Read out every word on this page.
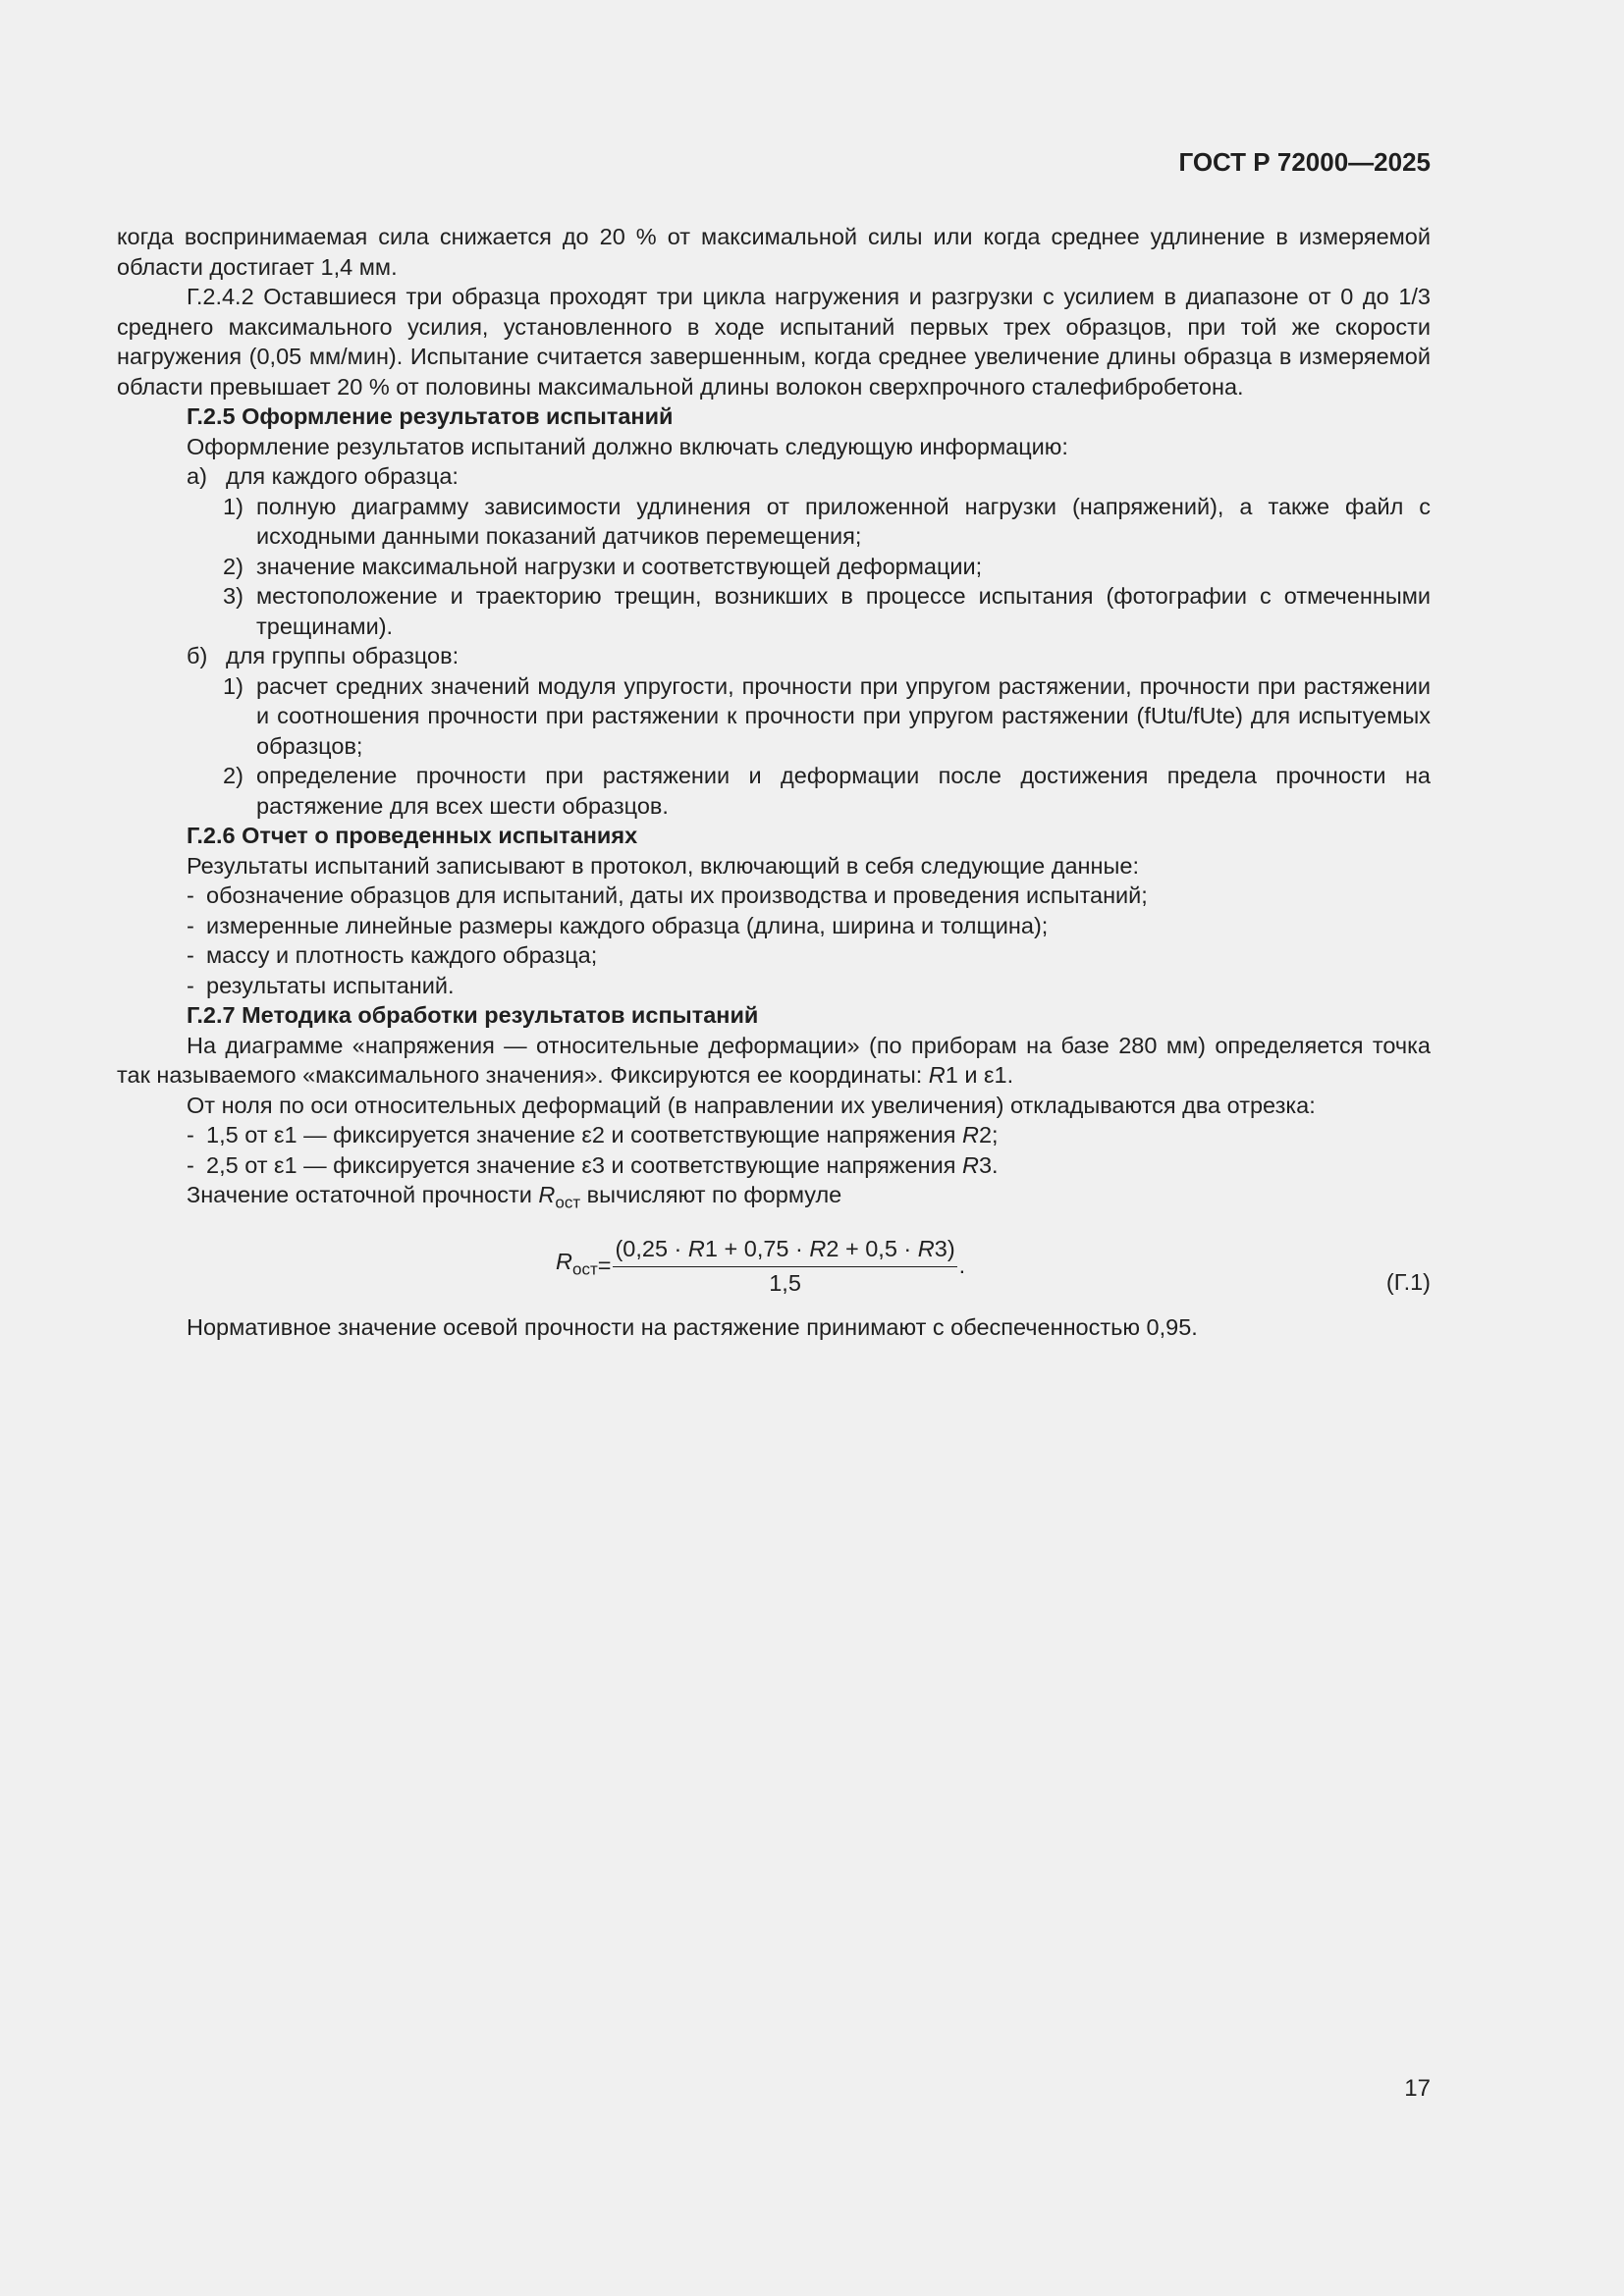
ГОСТ Р 72000—2025

когда воспринимаемая сила снижается до 20 % от максимальной силы или когда среднее удлинение в измеряемой области достигает 1,4 мм.

Г.2.4.2 Оставшиеся три образца проходят три цикла нагружения и разгрузки с усилием в диапазоне от 0 до 1/3 среднего максимального усилия, установленного в ходе испытаний первых трех образцов, при той же скорости нагружения (0,05 мм/мин). Испытание считается завершенным, когда среднее увеличение длины образца в измеряемой области превышает 20 % от половины максимальной длины волокон сверхпрочного сталефибробетона.

Г.2.5 Оформление результатов испытаний

Оформление результатов испытаний должно включать следующую информацию:

а) для каждого образца:
1) полную диаграмму зависимости удлинения от приложенной нагрузки (напряжений), а также файл с исходными данными показаний датчиков перемещения;
2) значение максимальной нагрузки и соответствующей деформации;
3) местоположение и траекторию трещин, возникших в процессе испытания (фотографии с отмеченными трещинами).
б) для группы образцов:
1) расчет средних значений модуля упругости, прочности при упругом растяжении, прочности при растяжении и соотношения прочности при растяжении к прочности при упругом растяжении (fUtu/fUte) для испытуемых образцов;
2) определение прочности при растяжении и деформации после достижения предела прочности на растяжение для всех шести образцов.

Г.2.6 Отчет о проведенных испытаниях

Результаты испытаний записывают в протокол, включающий в себя следующие данные:

- обозначение образцов для испытаний, даты их производства и проведения испытаний;
- измеренные линейные размеры каждого образца (длина, ширина и толщина);
- массу и плотность каждого образца;
- результаты испытаний.

Г.2.7 Методика обработки результатов испытаний

На диаграмме «напряжения — относительные деформации» (по приборам на базе 280 мм) определяется точка так называемого «максимального значения». Фиксируются ее координаты: R1 и ε1.

От ноля по оси относительных деформаций (в направлении их увеличения) откладываются два отрезка:

- 1,5 от ε1 — фиксируется значение ε2 и соответствующие напряжения R2;
- 2,5 от ε1 — фиксируется значение ε3 и соответствующие напряжения R3.

Значение остаточной прочности $R_{ост}$ вычисляют по формуле

$R_{ост} = \frac{(0,25 \cdot R1 + 0,75 \cdot R2 + 0,5 \cdot R3)}{1,5}$ .
(Г.1)

Нормативное значение осевой прочности на растяжение принимают с обеспеченностью 0,95.

17
